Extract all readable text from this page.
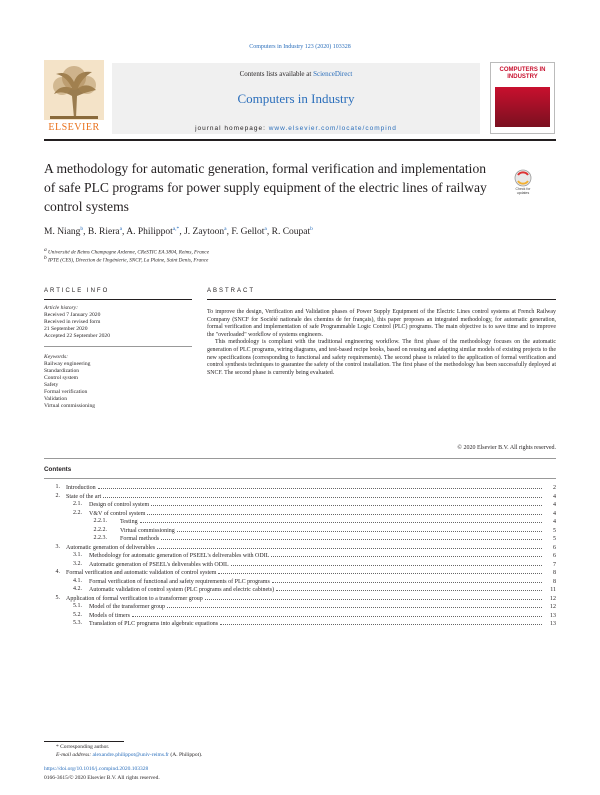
Computers in Industry 123 (2020) 103328
ELSEVIER
Contents lists available at ScienceDirect
Computers in Industry
journal homepage: www.elsevier.com/locate/compind
COMPUTERS IN INDUSTRY
A methodology for automatic generation, formal verification and implementation of safe PLC programs for power supply equipment of the electric lines of railway control systems
Check for updates
M. Niang$^b$, B. Riera$^a$, A. Philippot$^{a,*}$, J. Zaytoon$^a$, F. Gellot$^a$, R. Coupat$^b$
$^a$ Université de Reims Champagne Ardenne, CReSTIC EA 3804, Reims, France
$^b$ IPTE (CES), Direction de l'Ingénierie, SNCF, La Plaine, Saint Denis, France
ARTICLE INFO
Article history:
Received 7 January 2020
Received in revised form
21 September 2020
Accepted 22 September 2020
Keywords:
Railway engineering
Standardization
Control system
Safety
Formal verification
Validation
Virtual commissioning
ABSTRACT

To improve the design, Verification and Validation phases of Power Supply Equipment of the Electric Lines control systems at French Railway Company (SNCF for Société nationale des chemins de fer français), this paper proposes an integrated methodology, for automatic generation, formal verification and implementation of safe Programmable Logic Control (PLC) programs. The main objective is to save time and to improve the "overloaded" workflow of systems engineers.

This methodology is compliant with the traditional engineering workflow. The first phase of the methodology focuses on the automatic generation of PLC programs, wiring diagrams, and test-based recipe books, based on reusing and adapting similar models of existing projects to the new specifications (corresponding to functional and safety requirements). The second phase is related to the application of formal verification and control synthesis techniques to guarantee the safety of the control installation. The first phase of the methodology has been successfully deployed at SNCF. The second phase is currently being evaluated.

© 2020 Elsevier B.V. All rights reserved.
Contents
1. Introduction	2
2. State of the art	4
2.1. Design of control system	4
2.2. V&V of control system	4
2.2.1. Testing	4
2.2.2. Virtual commissioning	5
2.2.3. Formal methods	5
3. Automatic generation of deliverables	6
3.1. Methodology for automatic generation of PSEEL's deliverables with ODIL	6
3.2. Automatic generation of PSEEL's deliverables with ODIL	7
4. Formal verification and automatic validation of control system	8
4.1. Formal verification of functional and safety requirements of PLC programs	8
4.2. Automatic validation of control system (PLC programs and electric cabinets)	11
5. Application of formal verification to a transformer group	12
5.1. Model of the transformer group	12
5.2. Models of timers	13
5.3. Translation of PLC programs into algebraic equations	13
* Corresponding author.
E-mail address: alexandre.philippot@univ-reims.fr (A. Philippot).
https://doi.org/10.1016/j.compind.2020.103328
0166-3615/© 2020 Elsevier B.V. All rights reserved.
